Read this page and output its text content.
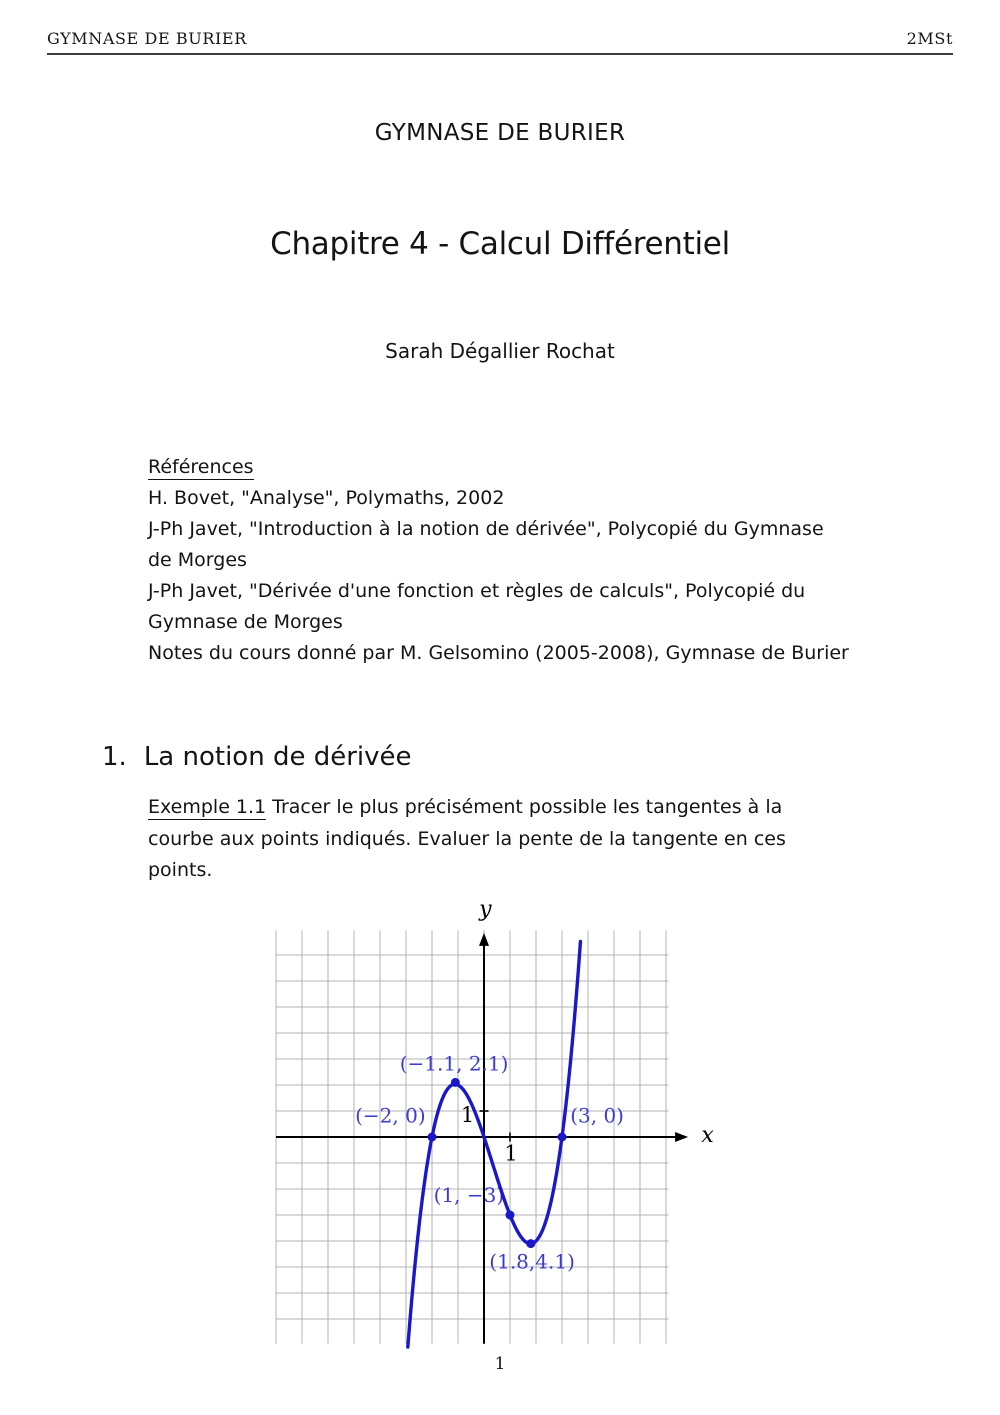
GYMNASE DE BURIER	2MSt
GYMNASE DE BURIER
Chapitre 4 - Calcul Différentiel
Sarah Dégallier Rochat
Références
H. Bovet, "Analyse", Polymaths, 2002
J-Ph Javet, "Introduction à la notion de dérivée", Polycopié du Gymnase
de Morges
J-Ph Javet, "Dérivée d'une fonction et règles de calculs", Polycopié du
Gymnase de Morges
Notes du cours donné par M. Gelsomino (2005-2008), Gymnase de Burier
1. La notion de dérivée
Exemple 1.1 Tracer le plus précisément possible les tangentes à la
courbe aux points indiqués. Evaluer la pente de la tangente en ces
points.
1
1
x
y
(−2, 0)
(−1.1, 2.1)
(1, −3)
(1.8,4.1)
(3, 0)
1
